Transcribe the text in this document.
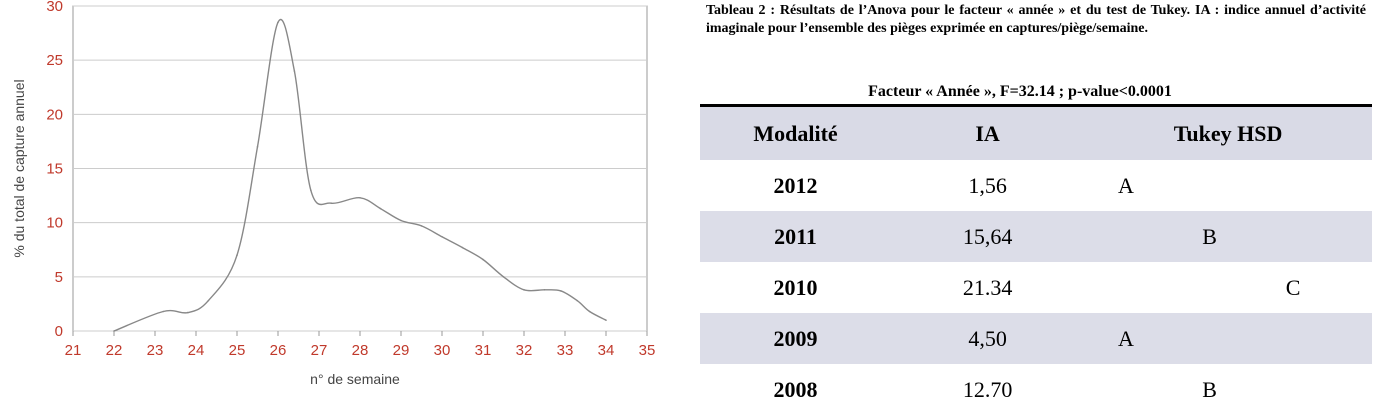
0
5
10
15
20
25
30
21 22 23 24 25 26 27 28 29 30 31 32 33 34 35
n° de semaine
% du total de capture annuel
Tableau 2 : Résultats de l’Anova pour le facteur « année » et du test de Tukey. IA : indice annuel d’activité imaginale pour l’ensemble des pièges exprimée en captures/piège/semaine.
Facteur « Année », F=32.14 ; p-value<0.0001
Modalité	IA	Tukey HSD			
2012	1,56	A			
2011	15,64		B		
2010	21.34			C	
2009	4,50	A			
2008	12.70		B		
